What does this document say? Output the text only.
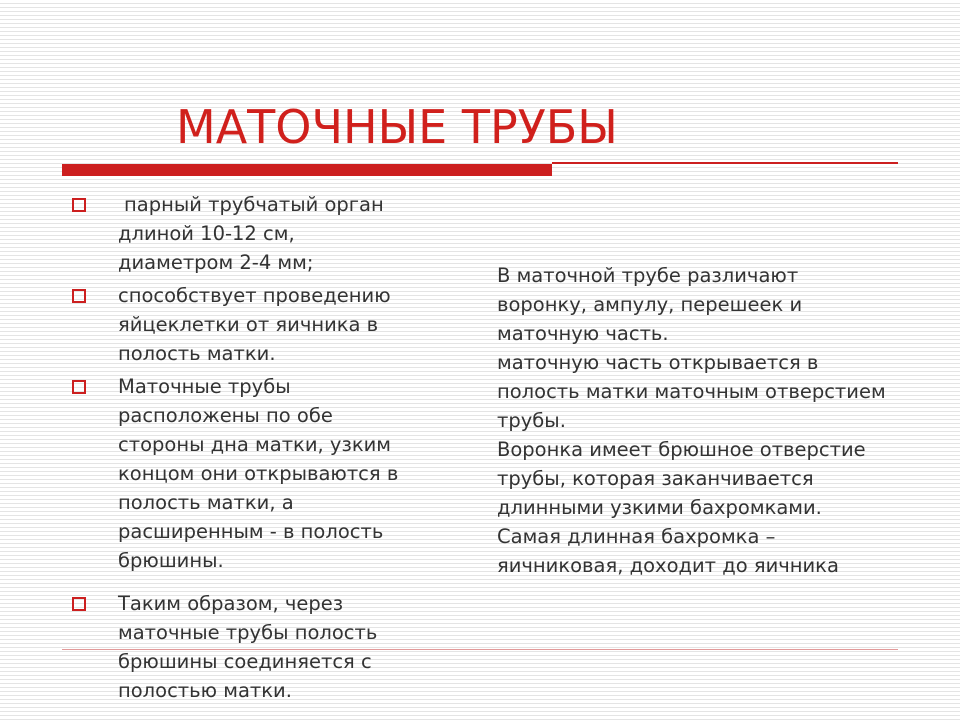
МАТОЧНЫЕ ТРУБЫ
парный трубчатый орган
длиной 10-12 см,
диаметром 2-4 мм;
способствует проведению
яйцеклетки от яичника в
полость матки.
Маточные трубы
расположены по обе
стороны дна матки, узким
концом они открываются в
полость матки, а
расширенным - в полость
брюшины.
Таким образом, через
маточные трубы полость
брюшины соединяется с
полостью матки.
В маточной трубе различают
воронку, ампулу, перешеек и
маточную часть.
маточную часть открывается в
полость матки маточным отверстием
трубы.
Воронка имеет брюшное отверстие
трубы, которая заканчивается
длинными узкими бахромками.
Самая длинная бахромка –
яичниковая, доходит до яичника
